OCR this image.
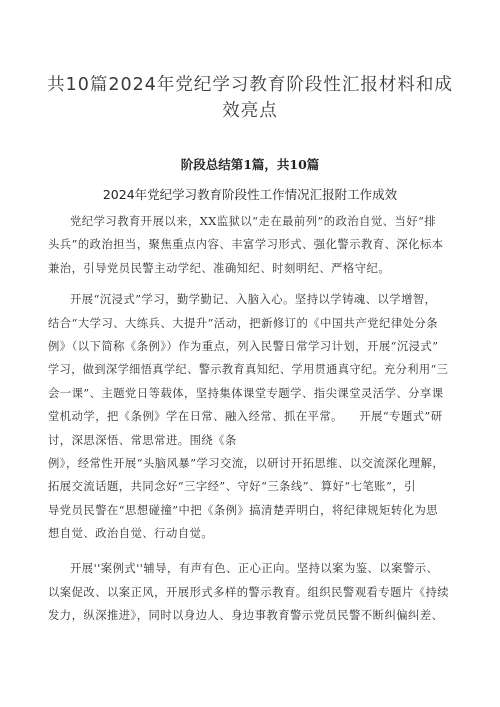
共10篇2024年党纪学习教育阶段性汇报材料和成
效亮点
阶段总结第1篇，共10篇
2024年党纪学习教育阶段性工作情况汇报附工作成效
党纪学习教育开展以来，XX监狱以“走在最前列”的政治自觉、当好“排
头兵”的政治担当，聚焦重点内容、丰富学习形式、强化警示教育、深化标本
兼治，引导党员民警主动学纪、准确知纪、时刻明纪、严格守纪。
开展“沉浸式”学习，勤学勤记、入脑入心。坚持以学铸魂、以学增智，
结合“大学习、大练兵、大提升”活动，把新修订的《中国共产党纪律处分条
例》（以下简称《条例》）作为重点，列入民警日常学习计划，开展“沉浸式”
学习，做到深学细悟真学纪、警示教育真知纪、学用贯通真守纪。充分利用“三
会一课”、主题党日等载体，坚持集体课堂专题学、指尖课堂灵活学、分享课
堂机动学，把《条例》学在日常、融入经常、抓在平常。    开展“专题式”研
讨，深思深悟、常思常进。围绕《条
例》，经常性开展“头脑风暴”学习交流，以研讨开拓思维、以交流深化理解，
拓展交流话题，共同念好“三字经”、守好“三条线”、算好“七笔账”，引
导党员民警在“思想碰撞”中把《条例》搞清楚弄明白，将纪律规矩转化为思
想自觉、政治自觉、行动自觉。
开展''案例式''辅导，有声有色、正心正向。坚持以案为鉴、以案警示、
以案促改、以案正风，开展形式多样的警示教育。组织民警观看专题片《持续
发力，纵深推进》，同时以身边人、身边事教育警示党员民警不断纠偏纠差、
